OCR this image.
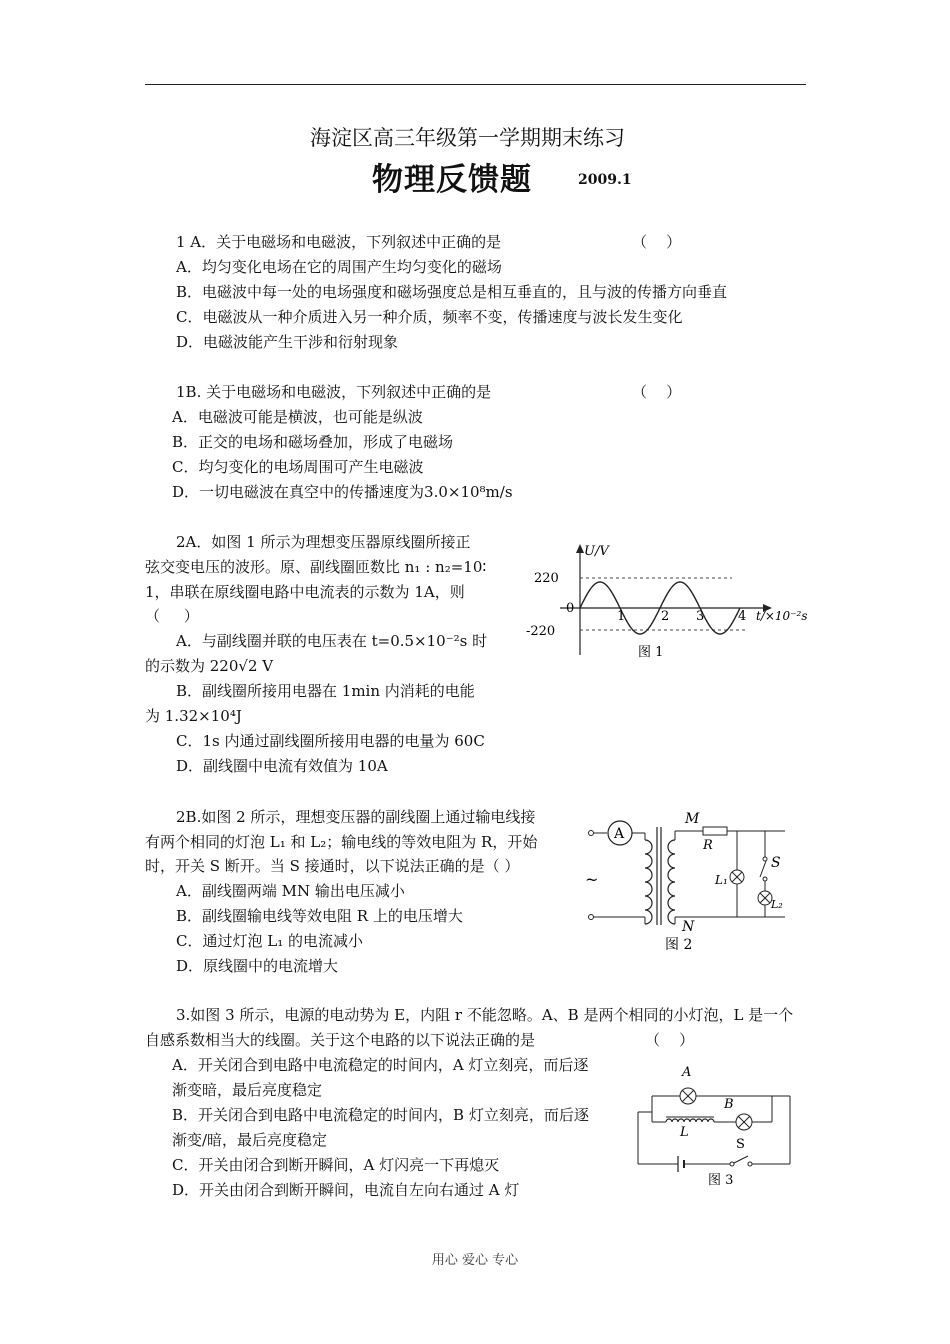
海淀区高三年级第一学期期末练习
物理反馈题	2009.1
1 A．关于电磁场和电磁波，下列叙述中正确的是	（    ）
A．均匀变化电场在它的周围产生均匀变化的磁场
B．电磁波中每一处的电场强度和磁场强度总是相互垂直的，且与波的传播方向垂直
C．电磁波从一种介质进入另一种介质，频率不变，传播速度与波长发生变化
D．电磁波能产生干涉和衍射现象
1B. 关于电磁场和电磁波，下列叙述中正确的是	（    ）
A．电磁波可能是横波，也可能是纵波
B．正交的电场和磁场叠加，形成了电磁场
C．均匀变化的电场周围可产生电磁波
D．一切电磁波在真空中的传播速度为3.0×10⁸m/s
2A．如图 1 所示为理想变压器原线圈所接正
弦交变电压的波形。原、副线圈匝数比 n₁ : n₂=10∶
1，串联在原线圈电路中电流表的示数为 1A，则
（     ）
A．与副线圈并联的电压表在 t=0.5×10⁻²s 时
的示数为 220√2 V
B．副线圈所接用电器在 1min 内消耗的电能
为 1.32×10⁴J
C．1s 内通过副线圈所接用电器的电量为 60C
D．副线圈中电流有效值为 10A
U/V
220
0
-220
1	2 3	4 t/×10⁻²s
图 1
2B.如图 2 所示，理想变压器的副线圈上通过输电线接
有两个相同的灯泡 L₁ 和 L₂；输电线的等效电阻为 R，开始
时，开关 S 断开。当 S 接通时，以下说法正确的是（ ）
A．副线圈两端 MN 输出电压减小
B．副线圈输电线等效电阻 R 上的电压增大
C．通过灯泡 L₁ 的电流减小
D．原线圈中的电流增大
A
~
M
R
S
L₁
L₂
N
图 2
3.如图 3 所示，电源的电动势为 E，内阻 r 不能忽略。A、B 是两个相同的小灯泡，L 是一个
自感系数相当大的线圈。关于这个电路的以下说法正确的是	（    ）
A．开关闭合到电路中电流稳定的时间内，A 灯立刻亮，而后逐
渐变暗，最后亮度稳定
B．开关闭合到电路中电流稳定的时间内，B 灯立刻亮，而后逐
渐变/暗，最后亮度稳定
C．开关由闭合到断开瞬间，A 灯闪亮一下再熄灭
D．开关由闭合到断开瞬间，电流自左向右通过 A 灯
A
B
L
S
图 3
用心 爱心 专心
